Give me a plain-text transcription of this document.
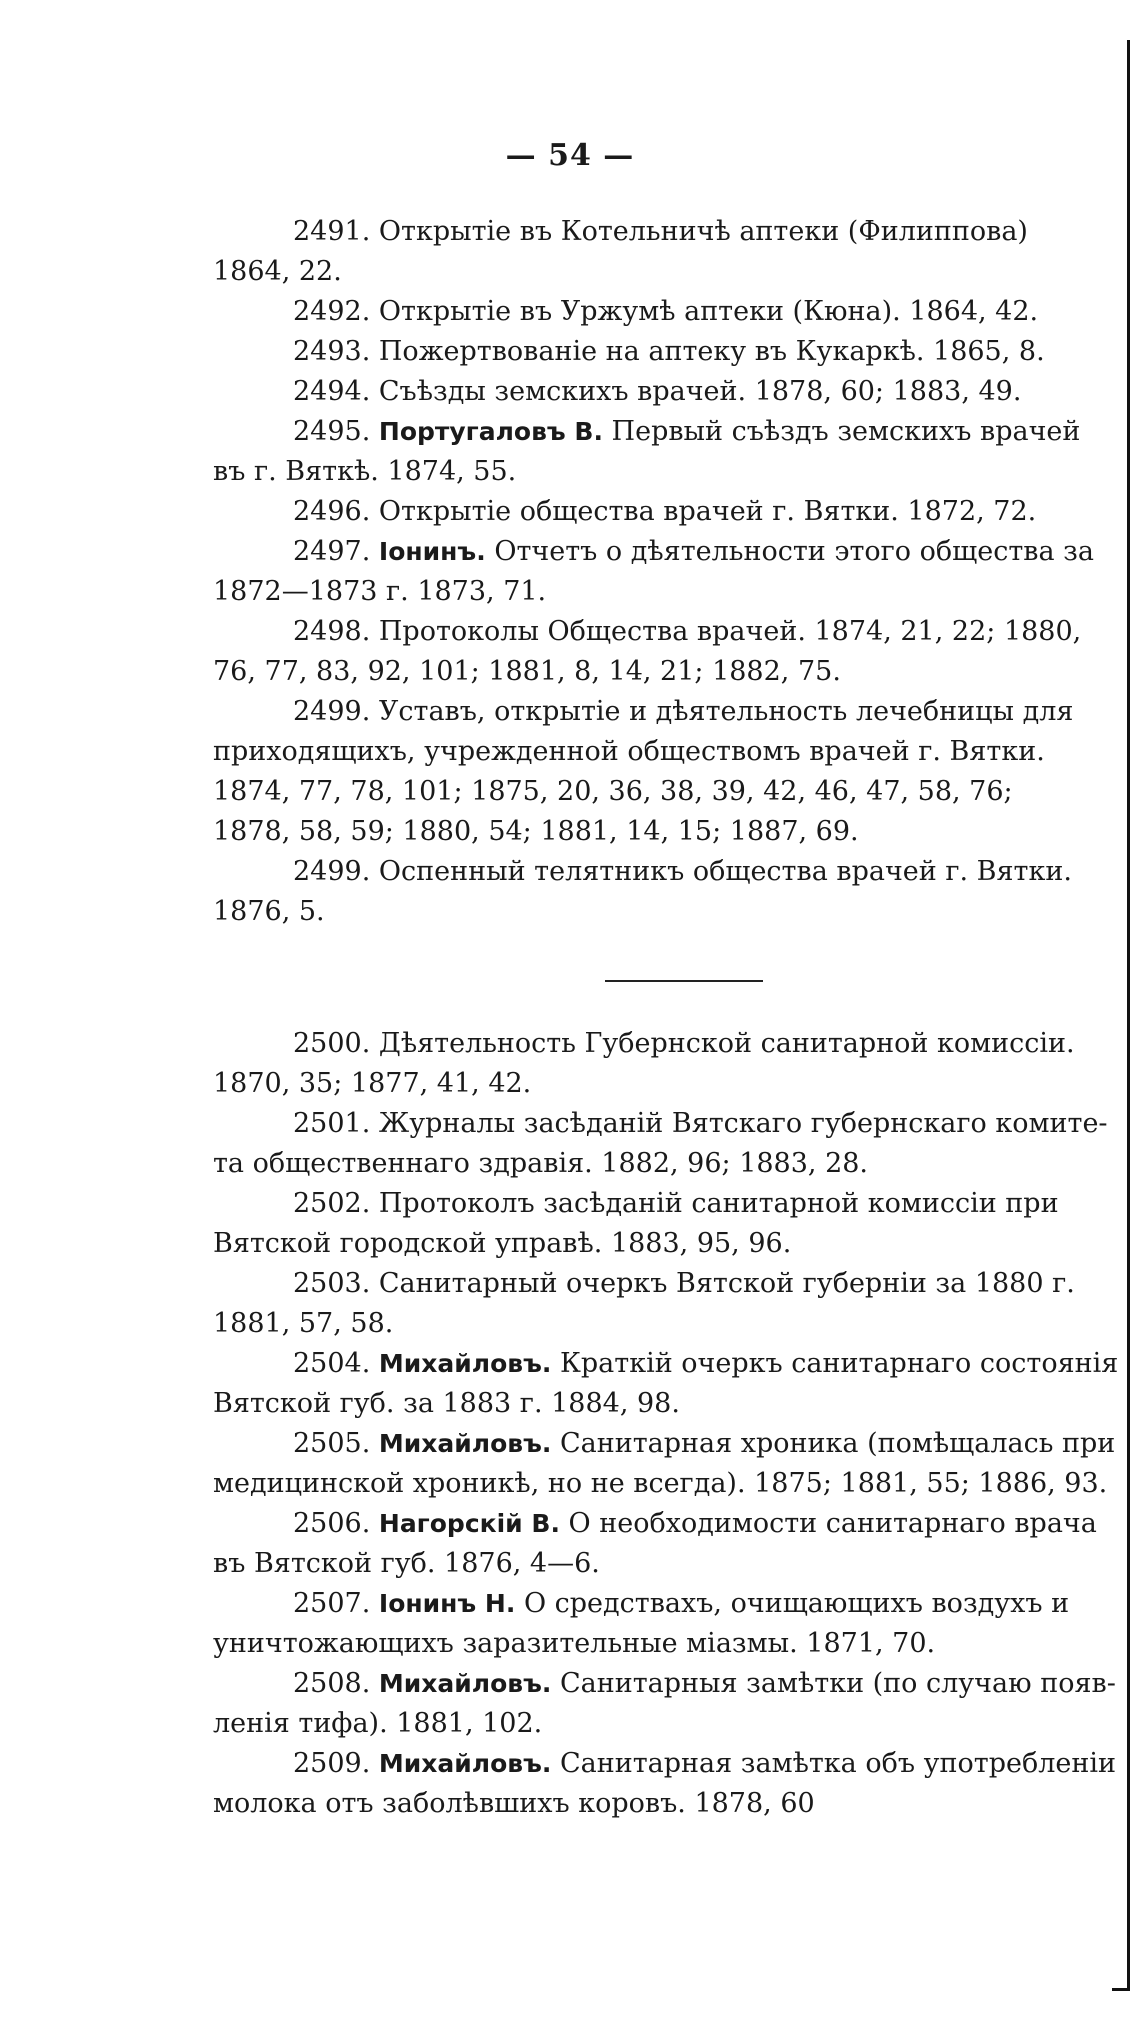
— 54 —

2491. Открытіе въ Котельничѣ аптеки (Филиппова)

1864, 22.

2492. Открытіе въ Уржумѣ аптеки (Кюна). 1864, 42.

2493. Пожертвованіе на аптеку въ Кукаркѣ. 1865, 8.

2494. Съѣзды земскихъ врачей. 1878, 60; 1883, 49.

2495. Португаловъ В. Первый съѣздъ земскихъ врачей

въ г. Вяткѣ. 1874, 55.

2496. Открытіе общества врачей г. Вятки. 1872, 72.

2497. Іонинъ. Отчетъ о дѣятельности этого общества за

1872—1873 г. 1873, 71.

2498. Протоколы Общества врачей. 1874, 21, 22; 1880,

76, 77, 83, 92, 101; 1881, 8, 14, 21; 1882, 75.

2499. Уставъ, открытіе и дѣятельность лечебницы для

приходящихъ, учрежденной обществомъ врачей г. Вятки.

1874, 77, 78, 101; 1875, 20, 36, 38, 39, 42, 46, 47, 58, 76;

1878, 58, 59; 1880, 54; 1881, 14, 15; 1887, 69.

2499. Оспенный телятникъ общества врачей г. Вятки.

1876, 5.

2500. Дѣятельность Губернской санитарной комиссіи.

1870, 35; 1877, 41, 42.

2501. Журналы засѣданій Вятскаго губернскаго комите-

та общественнаго здравія. 1882, 96; 1883, 28.

2502. Протоколъ засѣданій санитарной комиссіи при

Вятской городской управѣ. 1883, 95, 96.

2503. Санитарный очеркъ Вятской губерніи за 1880 г.

1881, 57, 58.

2504. Михайловъ. Краткій очеркъ санитарнаго состоянія

Вятской губ. за 1883 г. 1884, 98.

2505. Михайловъ. Санитарная хроника (помѣщалась при

медицинской хроникѣ, но не всегда). 1875; 1881, 55; 1886, 93.

2506. Нагорскій В. О необходимости санитарнаго врача

въ Вятской губ. 1876, 4—6.

2507. Іонинъ Н. О средствахъ, очищающихъ воздухъ и

уничтожающихъ заразительные міазмы. 1871, 70.

2508. Михайловъ. Санитарныя замѣтки (по случаю появ-

ленія тифа). 1881, 102.

2509. Михайловъ. Санитарная замѣтка объ употребленіи

молока отъ заболѣвшихъ коровъ. 1878, 60
